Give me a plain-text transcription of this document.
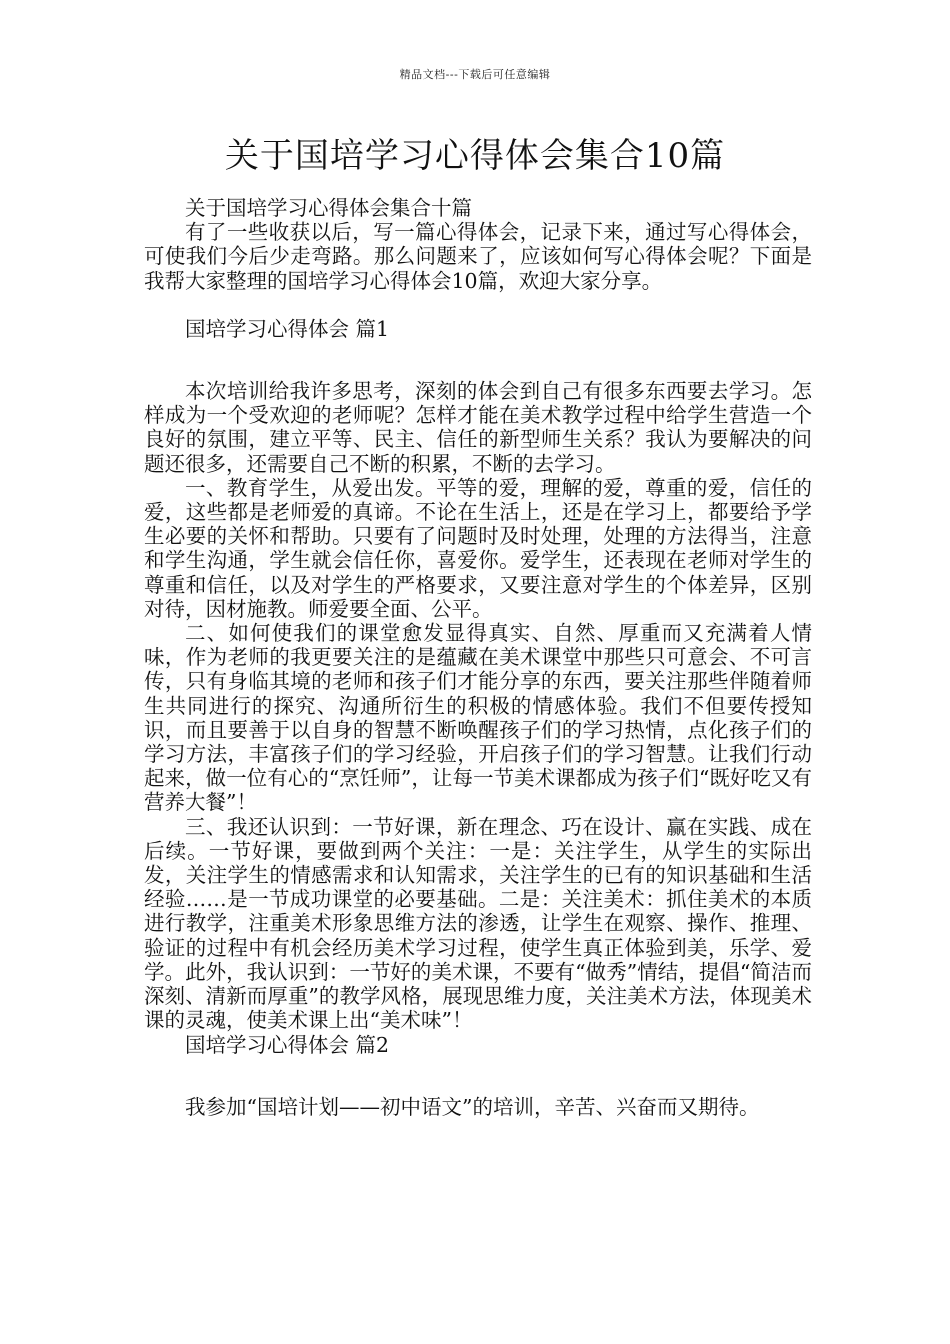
精品文档---下载后可任意编辑
关于国培学习心得体会集合10篇

关于国培学习心得体会集合十篇

有了一些收获以后，写一篇心得体会，记录下来，通过写心得体会，可使我们今后少走弯路。那么问题来了，应该如何写心得体会呢？下面是我帮大家整理的国培学习心得体会10篇，欢迎大家分享。

国培学习心得体会 篇1

本次培训给我许多思考，深刻的体会到自己有很多东西要去学习。怎样成为一个受欢迎的老师呢？怎样才能在美术教学过程中给学生营造一个良好的氛围，建立平等、民主、信任的新型师生关系？我认为要解决的问题还很多，还需要自己不断的积累，不断的去学习。

一、教育学生，从爱出发。平等的爱，理解的爱，尊重的爱，信任的爱，这些都是老师爱的真谛。不论在生活上，还是在学习上，都要给予学生必要的关怀和帮助。只要有了问题时及时处理，处理的方法得当，注意和学生沟通，学生就会信任你，喜爱你。爱学生，还表现在老师对学生的尊重和信任，以及对学生的严格要求，又要注意对学生的个体差异，区别对待，因材施教。师爱要全面、公平。

二、如何使我们的课堂愈发显得真实、自然、厚重而又充满着人情味，作为老师的我更要关注的是蕴藏在美术课堂中那些只可意会、不可言传，只有身临其境的老师和孩子们才能分享的东西，要关注那些伴随着师生共同进行的探究、沟通所衍生的积极的情感体验。我们不但要传授知识，而且要善于以自身的智慧不断唤醒孩子们的学习热情，点化孩子们的学习方法，丰富孩子们的学习经验，开启孩子们的学习智慧。让我们行动起来，做一位有心的“烹饪师”，让每一节美术课都成为孩子们“既好吃又有营养大餐”！

三、我还认识到：一节好课，新在理念、巧在设计、赢在实践、成在后续。一节好课，要做到两个关注：一是：关注学生，从学生的实际出发，关注学生的情感需求和认知需求，关注学生的已有的知识基础和生活经验……是一节成功课堂的必要基础。二是：关注美术：抓住美术的本质进行教学，注重美术形象思维方法的渗透，让学生在观察、操作、推理、验证的过程中有机会经历美术学习过程，使学生真正体验到美，乐学、爱学。此外，我认识到：一节好的美术课，不要有“做秀”情结，提倡“简洁而深刻、清新而厚重”的教学风格，展现思维力度，关注美术方法，体现美术课的灵魂，使美术课上出“美术味”！

国培学习心得体会 篇2

我参加“国培计划——初中语文”的培训，辛苦、兴奋而又期待。
